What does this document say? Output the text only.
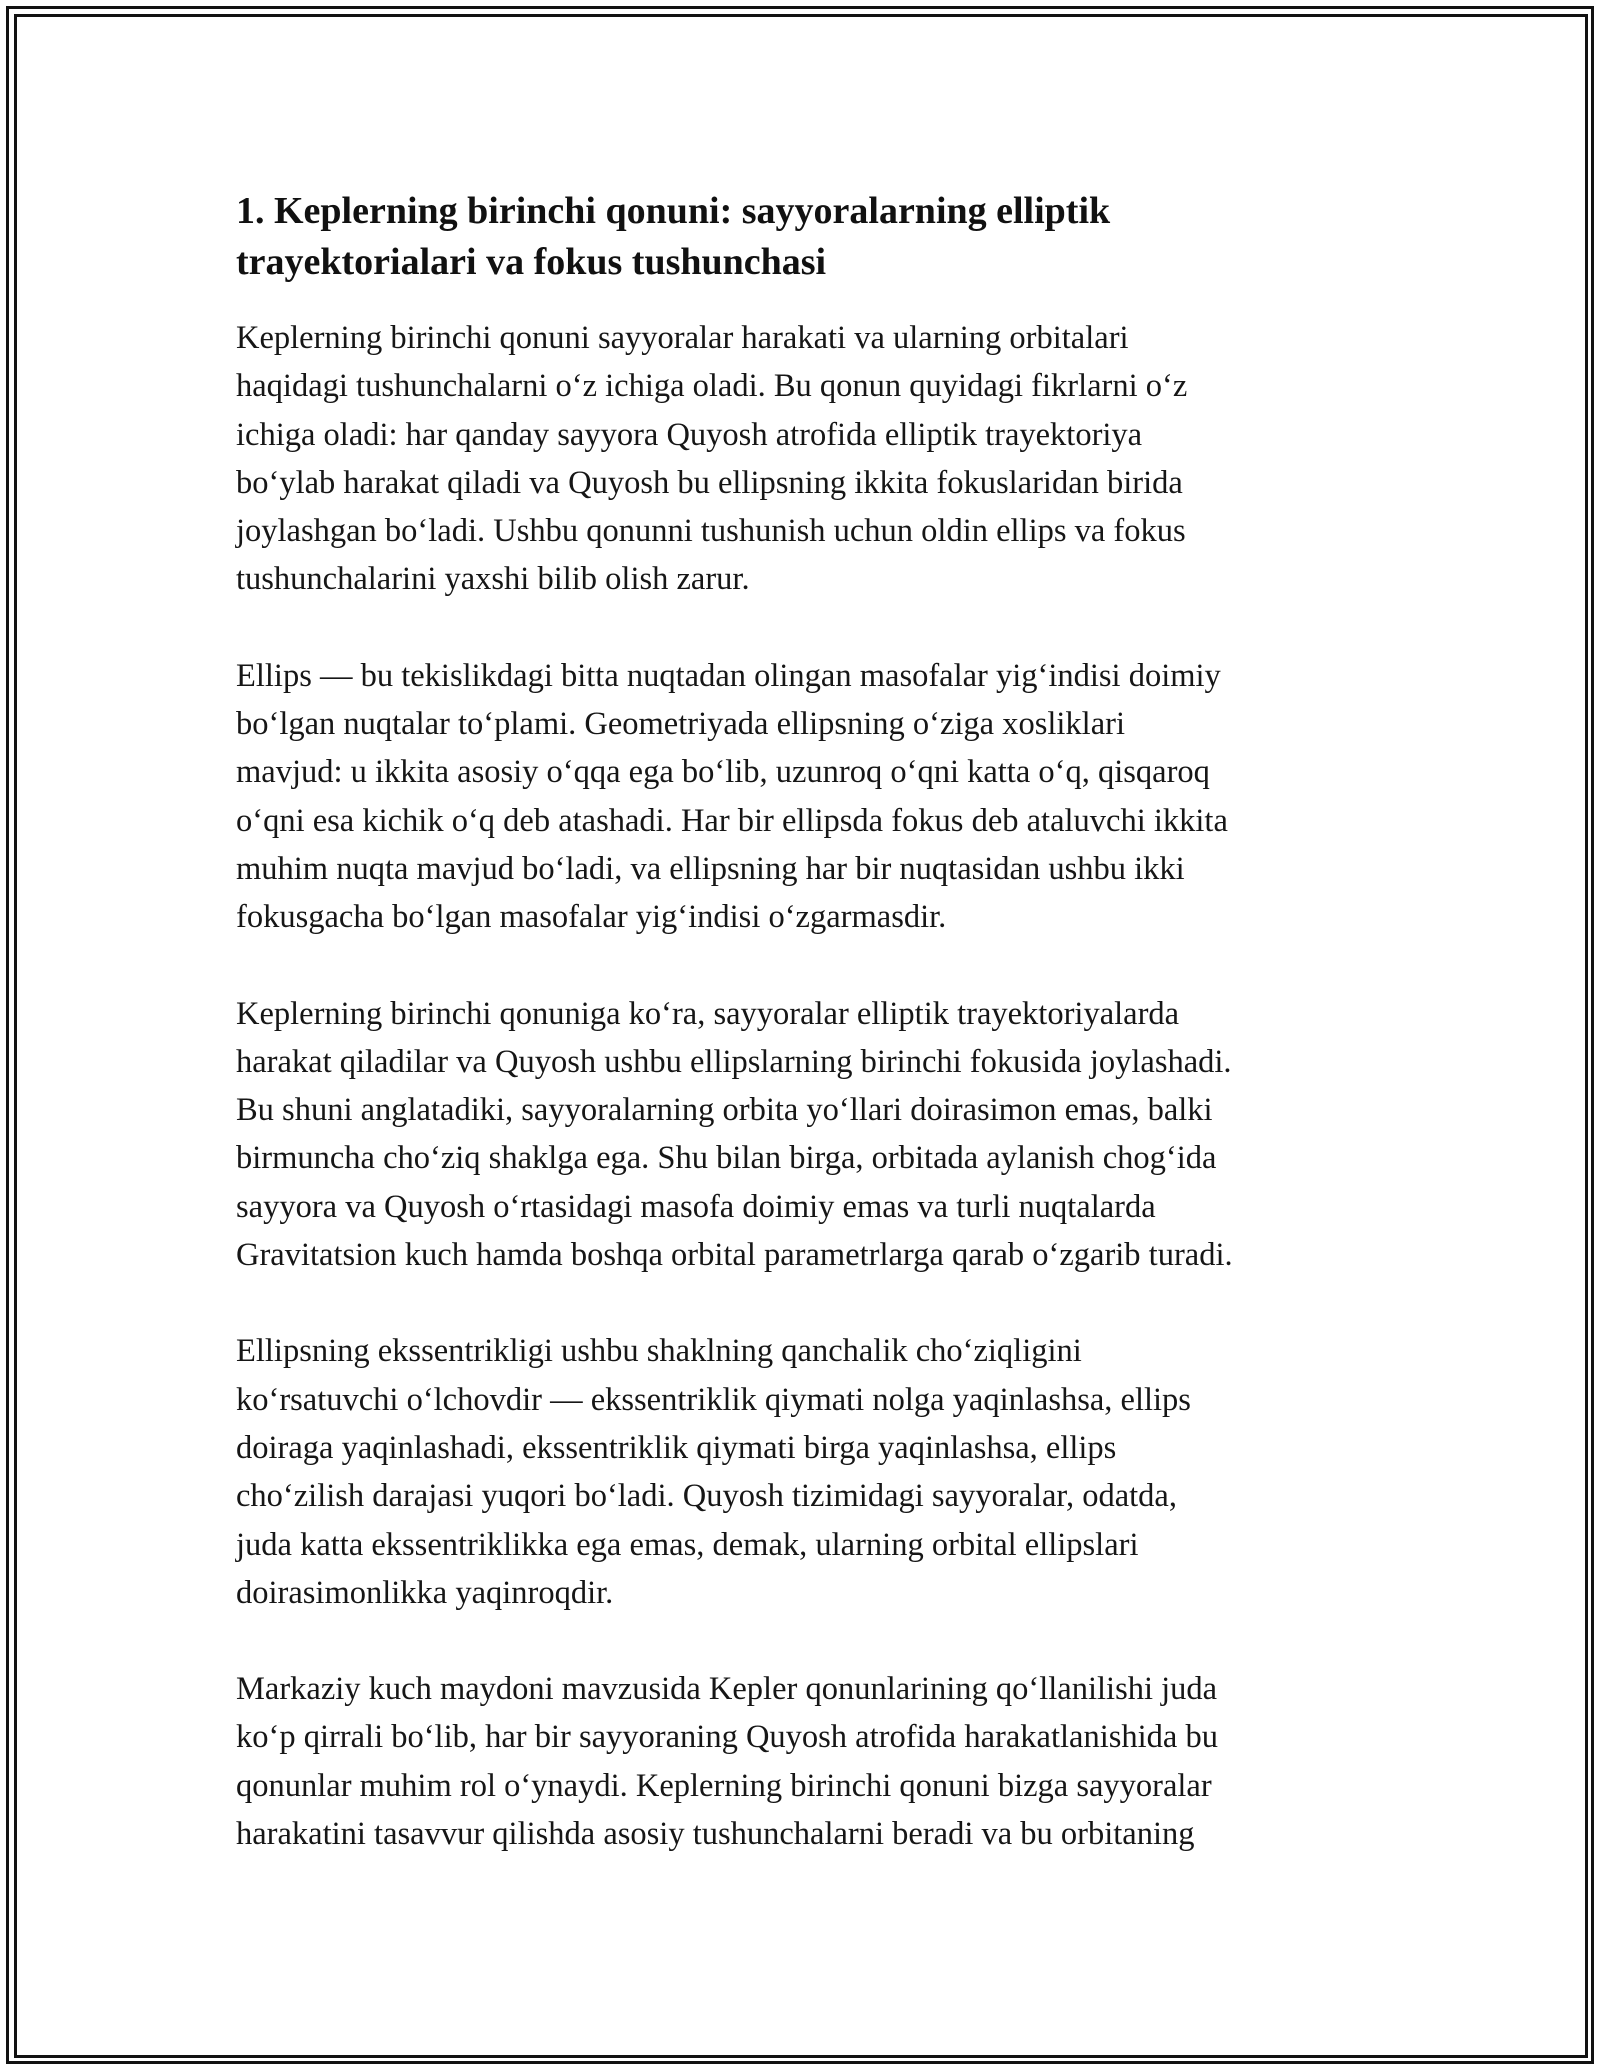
1. Keplerning birinchi qonuni: sayyoralarning elliptik
trayektorialari va fokus tushunchasi

Keplerning birinchi qonuni sayyoralar harakati va ularning orbitalari
haqidagi tushunchalarni oʻz ichiga oladi. Bu qonun quyidagi fikrlarni oʻz
ichiga oladi: har qanday sayyora Quyosh atrofida elliptik trayektoriya
boʻylab harakat qiladi va Quyosh bu ellipsning ikkita fokuslaridan birida
joylashgan boʻladi. Ushbu qonunni tushunish uchun oldin ellips va fokus
tushunchalarini yaxshi bilib olish zarur.

Ellips — bu tekislikdagi bitta nuqtadan olingan masofalar yigʻindisi doimiy
boʻlgan nuqtalar toʻplami. Geometriyada ellipsning oʻziga xosliklari
mavjud: u ikkita asosiy oʻqqa ega boʻlib, uzunroq oʻqni katta oʻq, qisqaroq
oʻqni esa kichik oʻq deb atashadi. Har bir ellipsda fokus deb ataluvchi ikkita
muhim nuqta mavjud boʻladi, va ellipsning har bir nuqtasidan ushbu ikki
fokusgacha boʻlgan masofalar yigʻindisi oʻzgarmasdir.

Keplerning birinchi qonuniga koʻra, sayyoralar elliptik trayektoriyalarda
harakat qiladilar va Quyosh ushbu ellipslarning birinchi fokusida joylashadi.
Bu shuni anglatadiki, sayyoralarning orbita yoʻllari doirasimon emas, balki
birmuncha choʻziq shaklga ega. Shu bilan birga, orbitada aylanish chogʻida
sayyora va Quyosh oʻrtasidagi masofa doimiy emas va turli nuqtalarda
Gravitatsion kuch hamda boshqa orbital parametrlarga qarab oʻzgarib turadi.

Ellipsning ekssentrikligi ushbu shaklning qanchalik choʻziqligini
koʻrsatuvchi oʻlchovdir — ekssentriklik qiymati nolga yaqinlashsa, ellips
doiraga yaqinlashadi, ekssentriklik qiymati birga yaqinlashsa, ellips
choʻzilish darajasi yuqori boʻladi. Quyosh tizimidagi sayyoralar, odatda,
juda katta ekssentriklikka ega emas, demak, ularning orbital ellipslari
doirasimonlikka yaqinroqdir.

Markaziy kuch maydoni mavzusida Kepler qonunlarining qoʻllanilishi juda
koʻp qirrali boʻlib, har bir sayyoraning Quyosh atrofida harakatlanishida bu
qonunlar muhim rol oʻynaydi. Keplerning birinchi qonuni bizga sayyoralar
harakatini tasavvur qilishda asosiy tushunchalarni beradi va bu orbitaning
